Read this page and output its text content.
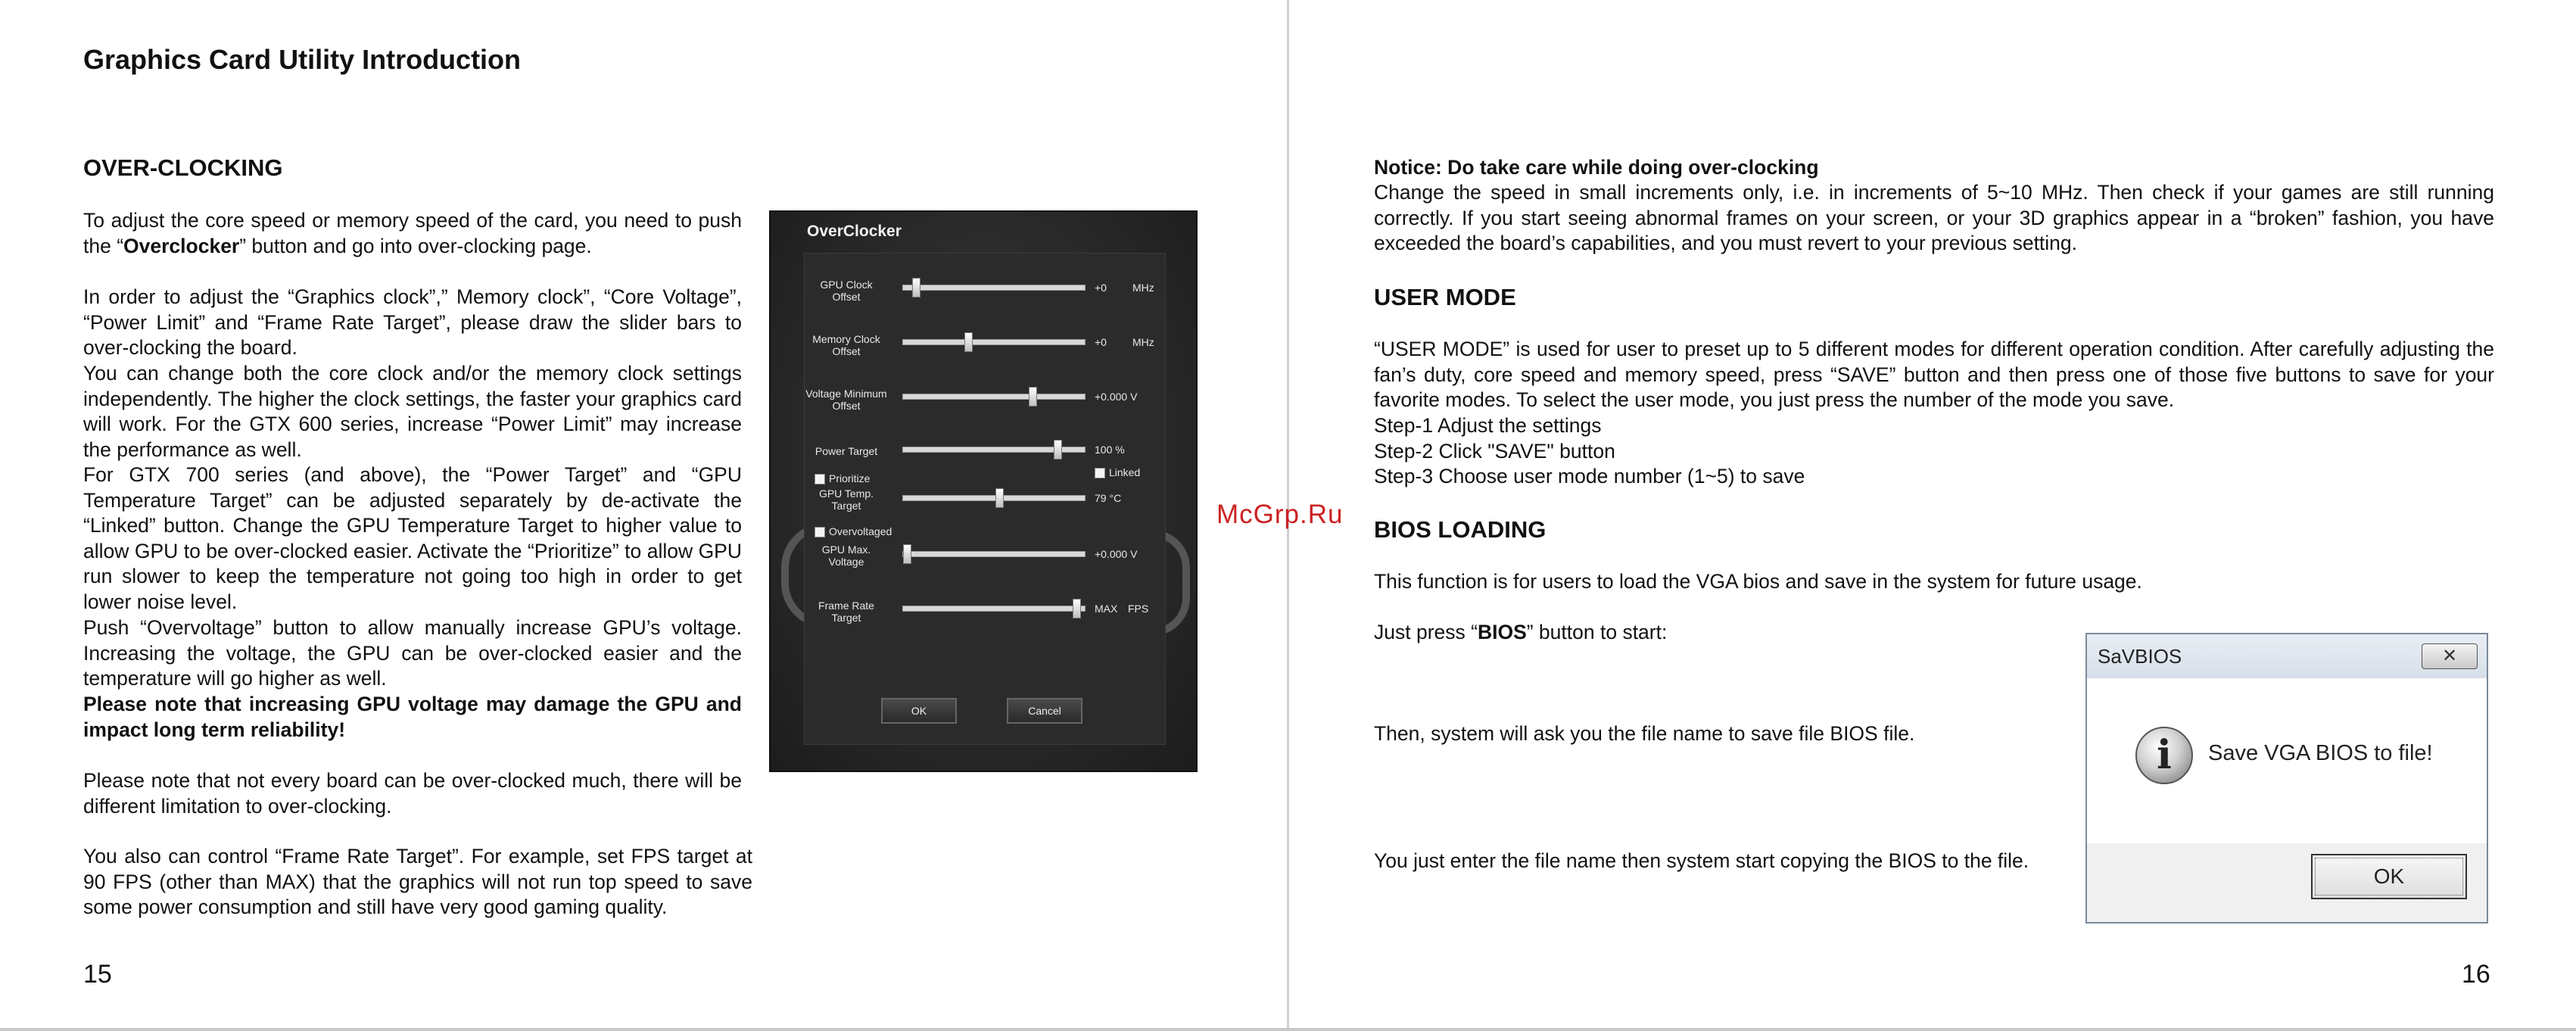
Graphics Card Utility Introduction
OVER-CLOCKING
To adjust the core speed or memory speed of the card, you need to push the “Overclocker” button and go into over-clocking page.
In order to adjust the “Graphics clock”,” Memory clock”, “Core Voltage”, “Power Limit” and “Frame Rate Target”, please draw the slider bars to over-clocking the board.
You can change both the core clock and/or the memory clock settings independently. The higher the clock settings, the faster your graphics card will work. For the GTX 600 series, increase “Power Limit” may increase the performance as well.
For GTX 700 series (and above), the “Power Target” and “GPU Temperature Target” can be adjusted separately by de-activate the “Linked” button. Change the GPU Temperature Target to higher value to allow GPU to be over-clocked easier. Activate the “Prioritize” to allow GPU run slower to keep the temperature not going too high in order to get lower noise level.
Push “Overvoltage” button to allow manually increase GPU’s voltage. Increasing the voltage, the GPU can be over-clocked easier and the temperature will go higher as well.
Please note that increasing GPU voltage may damage the GPU and impact long term reliability!
Please note that not every board can be over-clocked much, there will be different limitation to over-clocking.
You also can control “Frame Rate Target”. For example, set FPS target at 90 FPS (other than MAX) that the graphics will not run top speed to save some power consumption and still have very good gaming quality.
15
OverClocker
GPU Clock
Offset
+0 MHz
Memory Clock
Offset
+0 MHz
Voltage Minimum
Offset
+0.000 V
Power Target	100 %
Prioritize	Linked
GPU Temp.
Target
79 °C
Overvoltaged
GPU Max.
Voltage
+0.000 V
Frame Rate
Target
MAX FPS
OK	Cancel
McGrp.Ru
Notice: Do take care while doing over-clocking
Change the speed in small increments only, i.e. in increments of 5~10 MHz. Then check if your games are still running correctly. If you start seeing abnormal frames on your screen, or your 3D graphics appear in a “broken” fashion, you have exceeded the board’s capabilities, and you must revert to your previous setting.
USER MODE
“USER MODE” is used for user to preset up to 5 different modes for different operation condition. After carefully adjusting the fan’s duty, core speed and memory speed, press “SAVE” button and then press one of those five buttons to save for your favorite modes. To select the user mode, you just press the number of the mode you save.
Step-1 Adjust the settings
Step-2 Click "SAVE" button
Step-3 Choose user mode number (1~5) to save
BIOS LOADING
This function is for users to load the VGA bios and save in the system for future usage.
Just press “BIOS” button to start:
Then, system will ask you the file name to save file BIOS file.
You just enter the file name then system start copying the BIOS to the file.
16
SaVBIOS	✕
i	Save VGA BIOS to file!
OK
